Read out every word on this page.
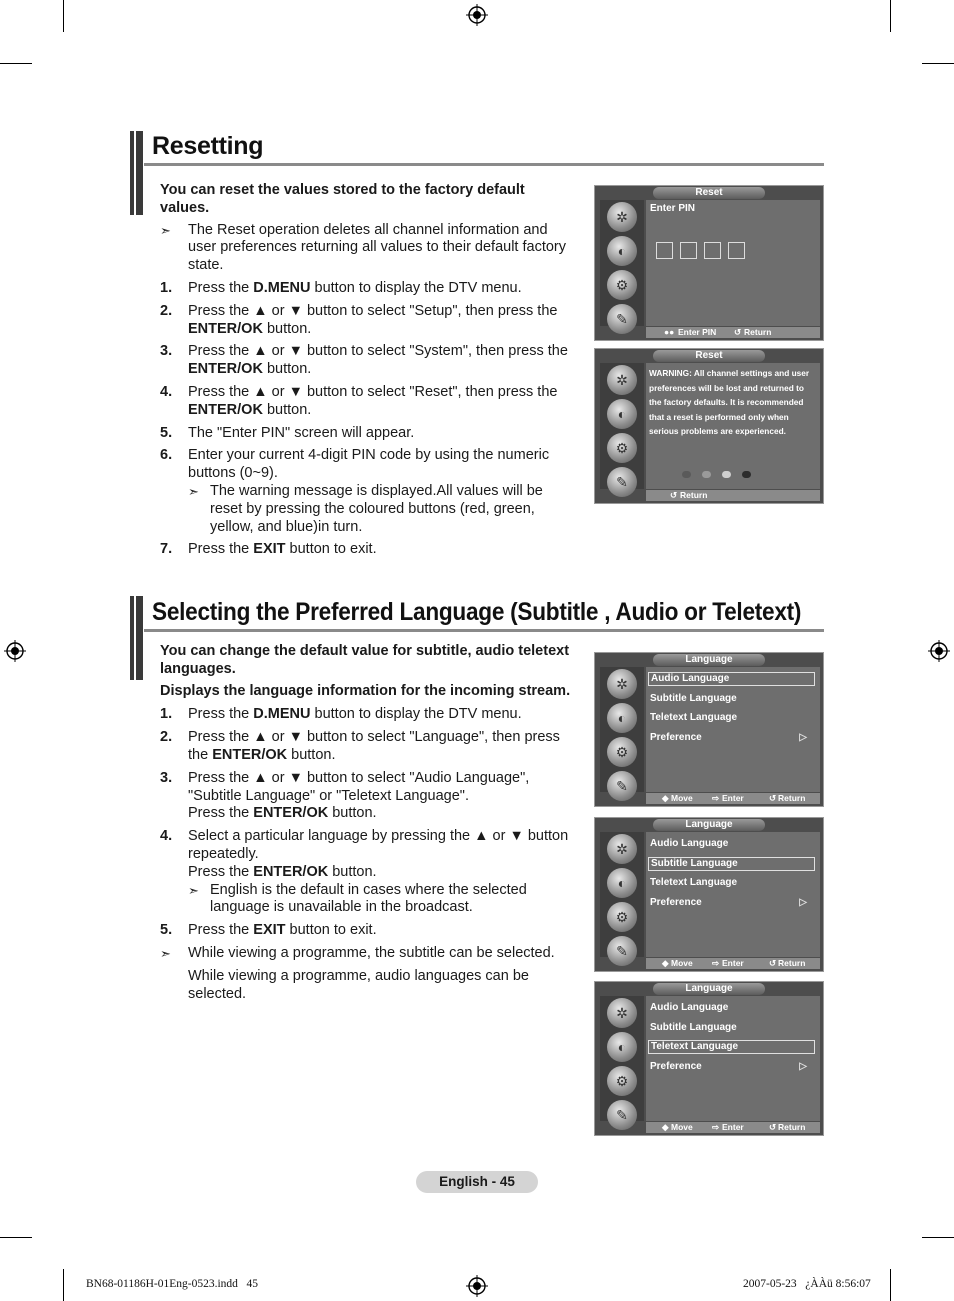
Resetting
You can reset the values stored to the factory default values.
➣	The Reset operation deletes all channel information and user preferences returning all values to their default factory state.
1.	Press the D.MENU button to display the DTV menu.
2.	Press the ▲ or ▼ button to select "Setup", then press the ENTER/OK button.
3.	Press the ▲ or ▼ button to select "System", then press the ENTER/OK button.
4.	Press the ▲ or ▼ button to select "Reset", then press the ENTER/OK button.
5.	The "Enter PIN" screen will appear.
6.	Enter your current 4-digit PIN code by using the numeric buttons (0~9).
➣ The warning message is displayed.All values will be reset by pressing the coloured buttons (red, green, yellow, and blue)in turn.
7.	Press the EXIT button to exit.
Reset
✲
◐
⚙
✎
Enter PIN
●● Enter PIN ↺ Return
Reset
✲
◐
⚙
✎
WARNING: All channel settings and user preferences will be lost and returned to the factory defaults. It is recommended that a reset is performed only when serious problems are experienced.
↺ Return
Selecting the Preferred Language (Subtitle , Audio or Teletext)
You can change the default value for subtitle, audio teletext languages.
Displays the language information for the incoming stream.
1.	Press the D.MENU button to display the DTV menu.
2.	Press the ▲ or ▼ button to select "Language", then press the ENTER/OK button.
3.	Press the ▲ or ▼ button to select "Audio Language", "Subtitle Language" or "Teletext Language".
Press the ENTER/OK button.
4.	Select a particular language by pressing the ▲ or ▼ button repeatedly.
Press the ENTER/OK button.
➣ English is the default in cases where the selected language is unavailable in the broadcast.
5.	Press the EXIT button to exit.
➣	While viewing a programme, the subtitle can be selected.
While viewing a programme, audio languages can be selected.
Language
✲
◐
⚙
✎
Audio Language
Subtitle Language
Teletext Language
Preference	▷
◆ Move ⇨ Enter	↺ Return
Language
✲
◐
⚙
✎
Audio Language
Subtitle Language
Teletext Language
Preference	▷
◆ Move ⇨ Enter	↺ Return
Language
✲
◐
⚙
✎
Audio Language
Subtitle Language
Teletext Language
Preference	▷
◆ Move ⇨ Enter	↺ Return
English - 45
BN68-01186H-01Eng-0523.indd   45	2007-05-23   ¿ÀÀü 8:56:07
